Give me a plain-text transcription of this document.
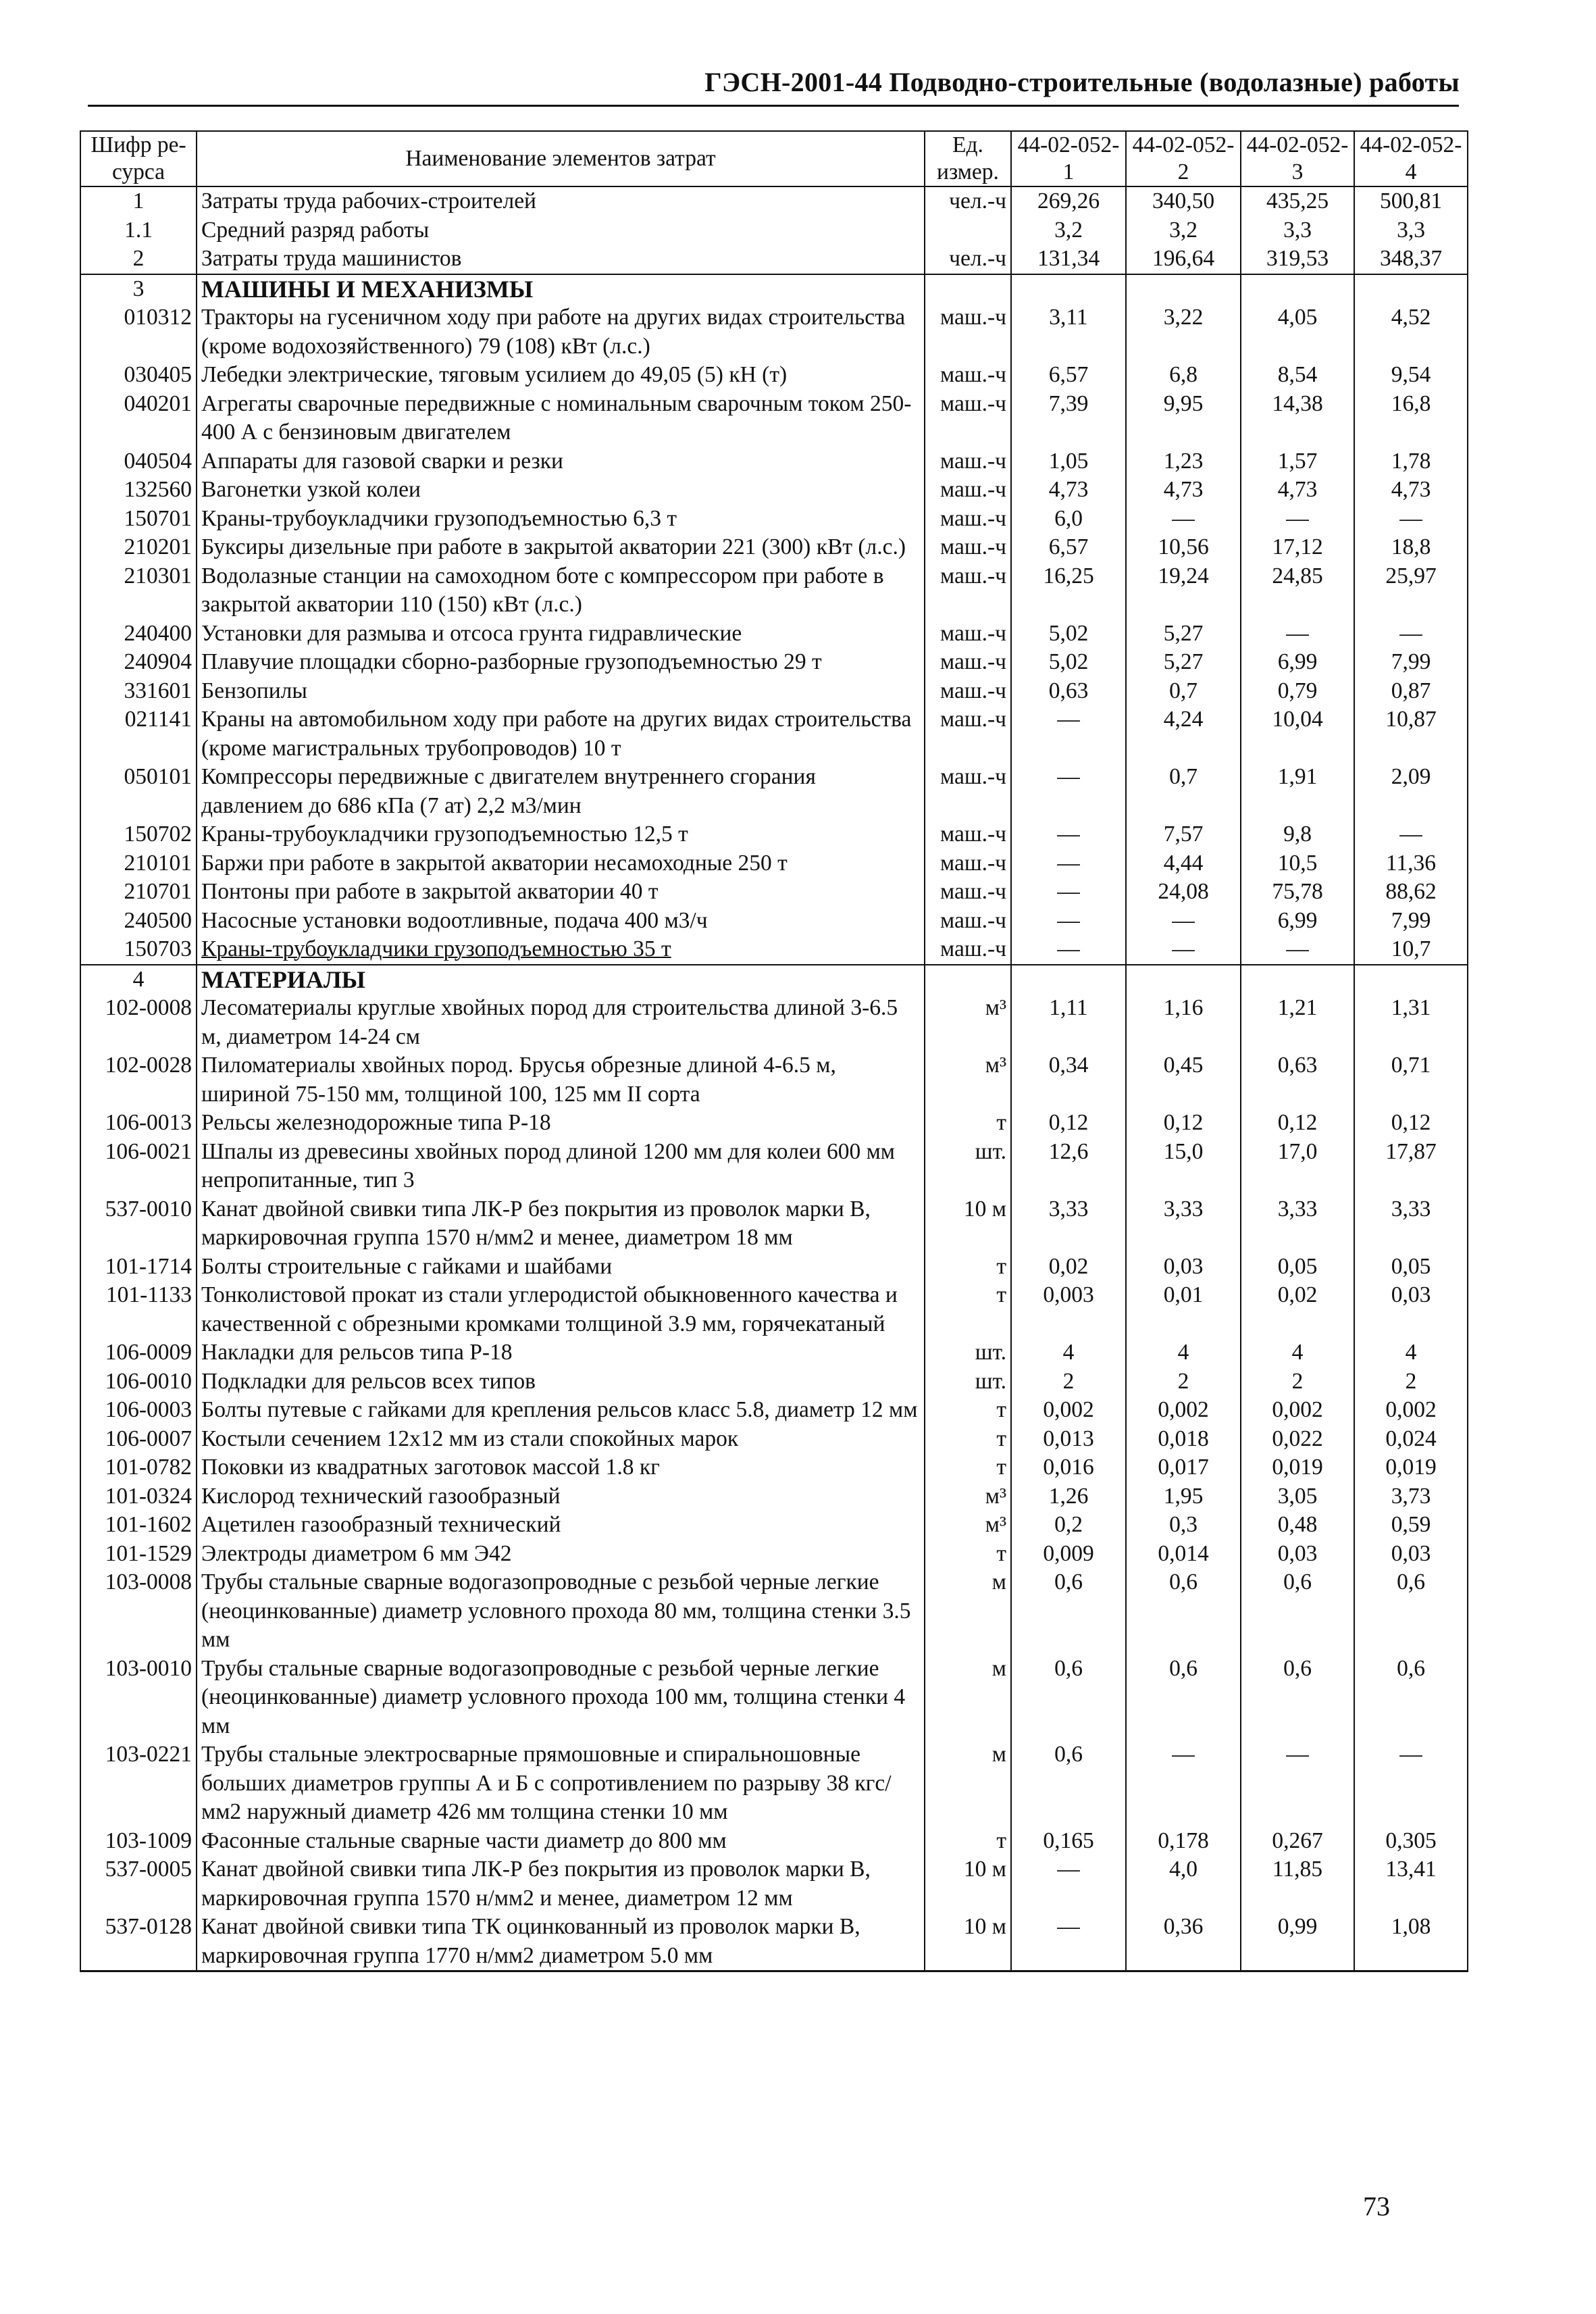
ГЭСН-2001-44 Подводно-строительные (водолазные) работы
Шифр ре-сурса	Наименование элементов затрат	Ед. измер.	44-02-052-1	44-02-052-2	44-02-052-3	44-02-052-4
1	Затраты труда рабочих-строителей	чел.-ч	269,26	340,50	435,25	500,81
1.1	Средний разряд работы		3,2	3,2	3,3	3,3
2	Затраты труда машинистов	чел.-ч	131,34	196,64	319,53	348,37
3	МАШИНЫ И МЕХАНИЗМЫ					
010312	Тракторы на гусеничном ходу при работе на других видах строительства (кроме водохозяйственного) 79 (108) кВт (л.с.)	маш.-ч	3,11	3,22	4,05	4,52
030405	Лебедки электрические, тяговым усилием до 49,05 (5) кН (т)	маш.-ч	6,57	6,8	8,54	9,54
040201	Агрегаты сварочные передвижные с номинальным сварочным током 250-400 А с бензиновым двигателем	маш.-ч	7,39	9,95	14,38	16,8
040504	Аппараты для газовой сварки и резки	маш.-ч	1,05	1,23	1,57	1,78
132560	Вагонетки узкой колеи	маш.-ч	4,73	4,73	4,73	4,73
150701	Краны-трубоукладчики грузоподъемностью 6,3 т	маш.-ч	6,0	—	—	—
210201	Буксиры дизельные при работе в закрытой акватории 221 (300) кВт (л.с.)	маш.-ч	6,57	10,56	17,12	18,8
210301	Водолазные станции на самоходном боте с компрессором при работе в закрытой акватории 110 (150) кВт (л.с.)	маш.-ч	16,25	19,24	24,85	25,97
240400	Установки для размыва и отсоса грунта гидравлические	маш.-ч	5,02	5,27	—	—
240904	Плавучие площадки сборно-разборные грузоподъемностью 29 т	маш.-ч	5,02	5,27	6,99	7,99
331601	Бензопилы	маш.-ч	0,63	0,7	0,79	0,87
021141	Краны на автомобильном ходу при работе на других видах строительства (кроме магистральных трубопроводов) 10 т	маш.-ч	—	4,24	10,04	10,87
050101	Компрессоры передвижные с двигателем внутреннего сгорания давлением до 686 кПа (7 ат) 2,2 м3/мин	маш.-ч	—	0,7	1,91	2,09
150702	Краны-трубоукладчики грузоподъемностью 12,5 т	маш.-ч	—	7,57	9,8	—
210101	Баржи при работе в закрытой акватории несамоходные 250 т	маш.-ч	—	4,44	10,5	11,36
210701	Понтоны при работе в закрытой акватории 40 т	маш.-ч	—	24,08	75,78	88,62
240500	Насосные установки водоотливные, подача 400 м3/ч	маш.-ч	—	—	6,99	7,99
150703	Краны-трубоукладчики грузоподъемностью 35 т	маш.-ч	—	—	—	10,7
4	МАТЕРИАЛЫ					
102-0008	Лесоматериалы круглые хвойных пород для строительства длиной 3-6.5 м, диаметром 14-24 см	м³	1,11	1,16	1,21	1,31
102-0028	Пиломатериалы хвойных пород. Брусья обрезные длиной 4-6.5 м, шириной 75-150 мм, толщиной 100, 125 мм II сорта	м³	0,34	0,45	0,63	0,71
106-0013	Рельсы железнодорожные типа Р-18	т	0,12	0,12	0,12	0,12
106-0021	Шпалы из древесины хвойных пород длиной 1200 мм для колеи 600 мм непропитанные, тип 3	шт.	12,6	15,0	17,0	17,87
537-0010	Канат двойной свивки типа ЛК-Р без покрытия из проволок марки В, маркировочная группа 1570 н/мм2 и менее, диаметром 18 мм	10 м	3,33	3,33	3,33	3,33
101-1714	Болты строительные с гайками и шайбами	т	0,02	0,03	0,05	0,05
101-1133	Тонколистовой прокат из стали углеродистой обыкновенного качества и качественной с обрезными кромками толщиной 3.9 мм, горячекатаный	т	0,003	0,01	0,02	0,03
106-0009	Накладки для рельсов типа Р-18	шт.	4	4	4	4
106-0010	Подкладки для рельсов всех типов	шт.	2	2	2	2
106-0003	Болты путевые с гайками для крепления рельсов класс 5.8, диаметр 12 мм	т	0,002	0,002	0,002	0,002
106-0007	Костыли сечением 12х12 мм из стали спокойных марок	т	0,013	0,018	0,022	0,024
101-0782	Поковки из квадратных заготовок массой 1.8 кг	т	0,016	0,017	0,019	0,019
101-0324	Кислород технический газообразный	м³	1,26	1,95	3,05	3,73
101-1602	Ацетилен газообразный технический	м³	0,2	0,3	0,48	0,59
101-1529	Электроды диаметром 6 мм Э42	т	0,009	0,014	0,03	0,03
103-0008	Трубы стальные сварные водогазопроводные с резьбой черные легкие (неоцинкованные) диаметр условного прохода 80 мм, толщина стенки 3.5 мм	м	0,6	0,6	0,6	0,6
103-0010	Трубы стальные сварные водогазопроводные с резьбой черные легкие (неоцинкованные) диаметр условного прохода 100 мм, толщина стенки 4 мм	м	0,6	0,6	0,6	0,6
103-0221	Трубы стальные электросварные прямошовные и спиральношовные больших диаметров группы А и Б с сопротивлением по разрыву 38 кгс/мм2 наружный диаметр 426 мм толщина стенки 10 мм	м	0,6	—	—	—
103-1009	Фасонные стальные сварные части диаметр до 800 мм	т	0,165	0,178	0,267	0,305
537-0005	Канат двойной свивки типа ЛК-Р без покрытия из проволок марки В, маркировочная группа 1570 н/мм2 и менее, диаметром 12 мм	10 м	—	4,0	11,85	13,41
537-0128	Канат двойной свивки типа ТК оцинкованный из проволок марки В, маркировочная группа 1770 н/мм2 диаметром 5.0 мм	10 м	—	0,36	0,99	1,08
73
